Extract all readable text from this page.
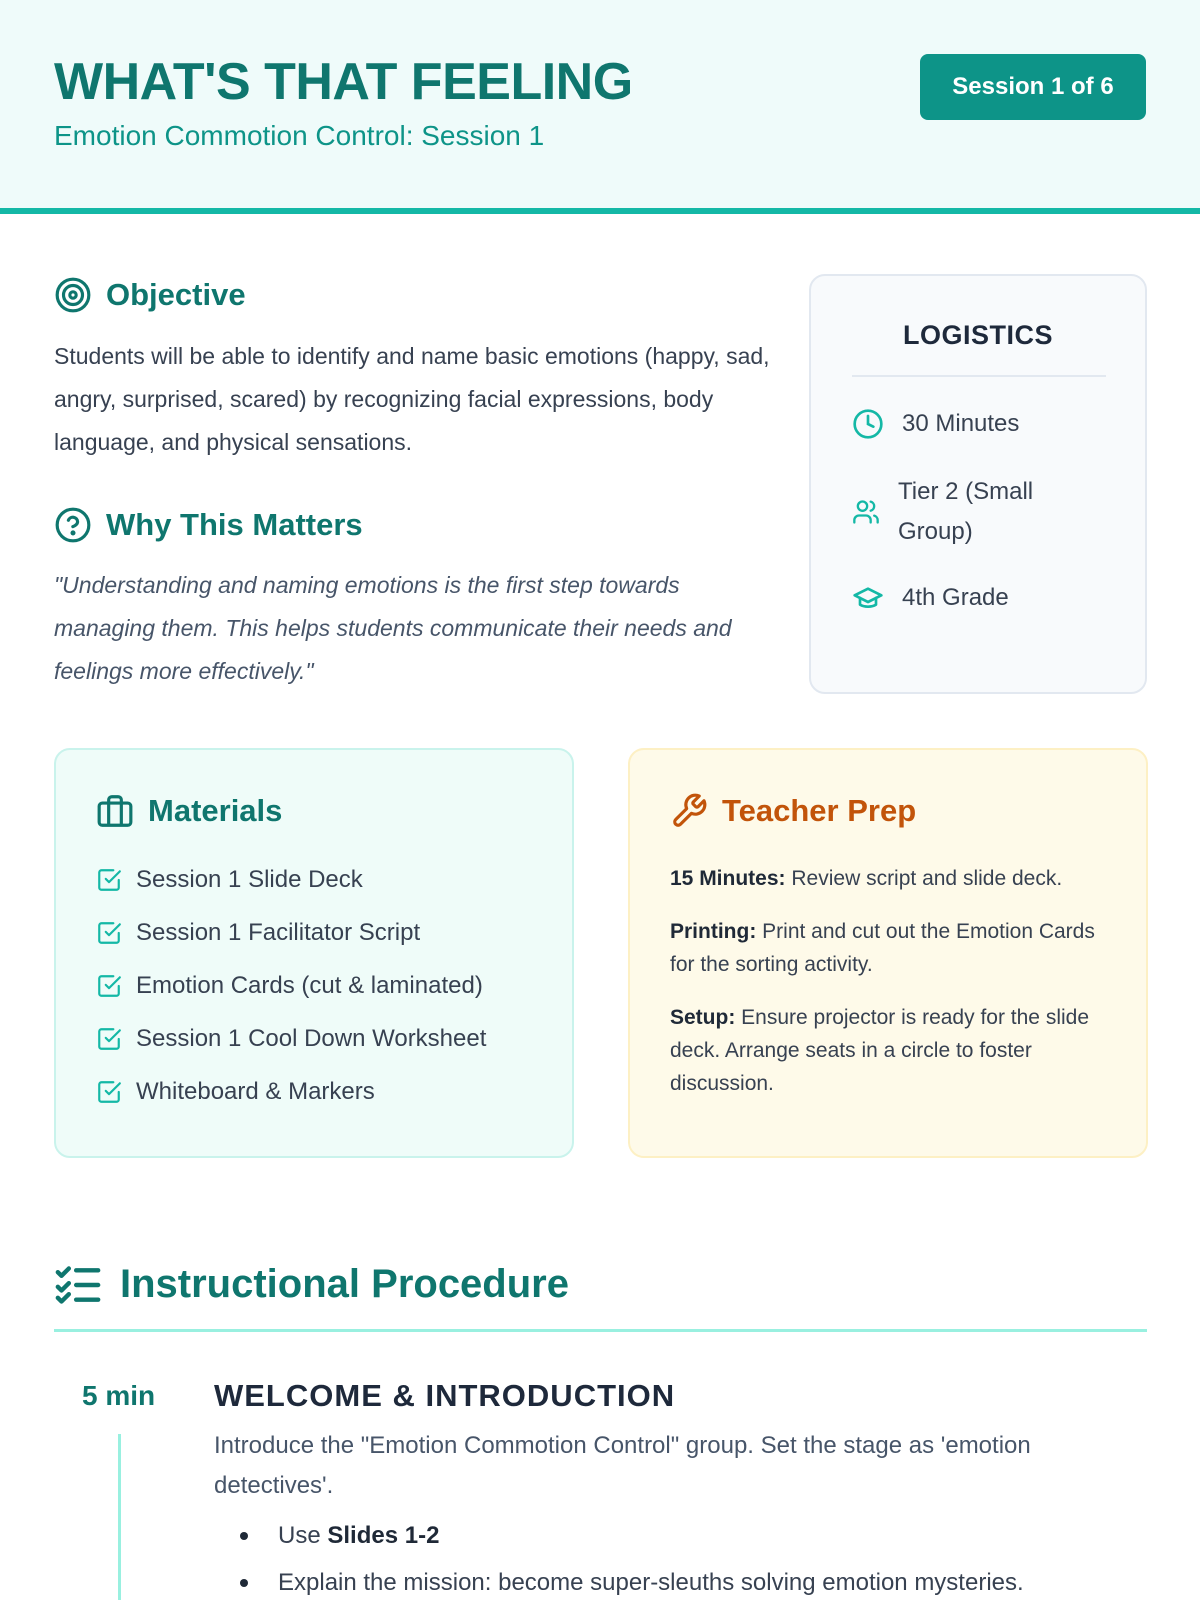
WHAT'S THAT FEELING
Emotion Commotion Control: Session 1
Session 1 of 6
Objective
Students will be able to identify and name basic emotions (happy, sad, angry, surprised, scared) by recognizing facial expressions, body language, and physical sensations.
Why This Matters
"Understanding and naming emotions is the first step towards managing them. This helps students communicate their needs and feelings more effectively."
LOGISTICS
30 Minutes
Tier 2 (Small Group)
4th Grade
Materials
Session 1 Slide Deck
Session 1 Facilitator Script
Emotion Cards (cut & laminated)
Session 1 Cool Down Worksheet
Whiteboard & Markers
Teacher Prep
15 Minutes: Review script and slide deck.
Printing: Print and cut out the Emotion Cards for the sorting activity.
Setup: Ensure projector is ready for the slide deck. Arrange seats in a circle to foster discussion.
Instructional Procedure
5 min WELCOME & INTRODUCTION
Introduce the "Emotion Commotion Control" group. Set the stage as 'emotion detectives'.
Use Slides 1-2
Explain the mission: become super-sleuths solving emotion mysteries.
